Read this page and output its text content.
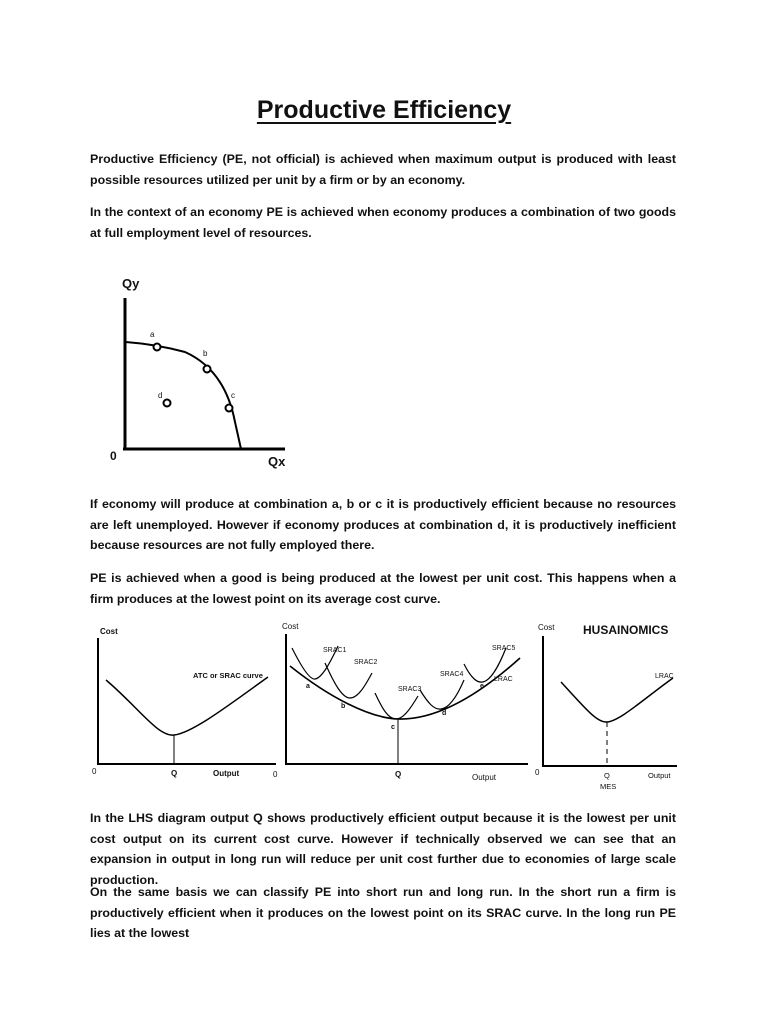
Productive Efficiency

Productive Efficiency (PE, not official) is achieved when maximum output is produced with least possible resources utilized per unit by a firm or by an economy.

In the context of an economy PE is achieved when economy produces a combination of two goods at full employment level of resources.

Qy
0	Qx
a
b
c
d

If economy will produce at combination a, b or c it is productively efficient because no resources are left unemployed. However if economy produces at combination d, it is productively inefficient because resources are not fully employed there.

PE is achieved when a good is being produced at the lowest per unit cost. This happens when a firm produces at the lowest point on its average cost curve.

Cost
0	Q	Output
ATC or SRAC curve
Cost
0	Q	Output
SRAC1
SRAC2
SRAC3
SRAC4
SRAC5
LRAC
a
b
c
d
e
Cost HUSAINOMICS
0	Q
MES
Output
LRAC

In the LHS diagram output Q shows productively efficient output because it is the lowest per unit cost output on its current cost curve. However if technically observed we can see that an expansion in output in long run will reduce per unit cost further due to economies of large scale production.

On the same basis we can classify PE into short run and long run. In the short run a firm is productively efficient when it produces on the lowest point on its SRAC curve. In the long run PE lies at the lowest
